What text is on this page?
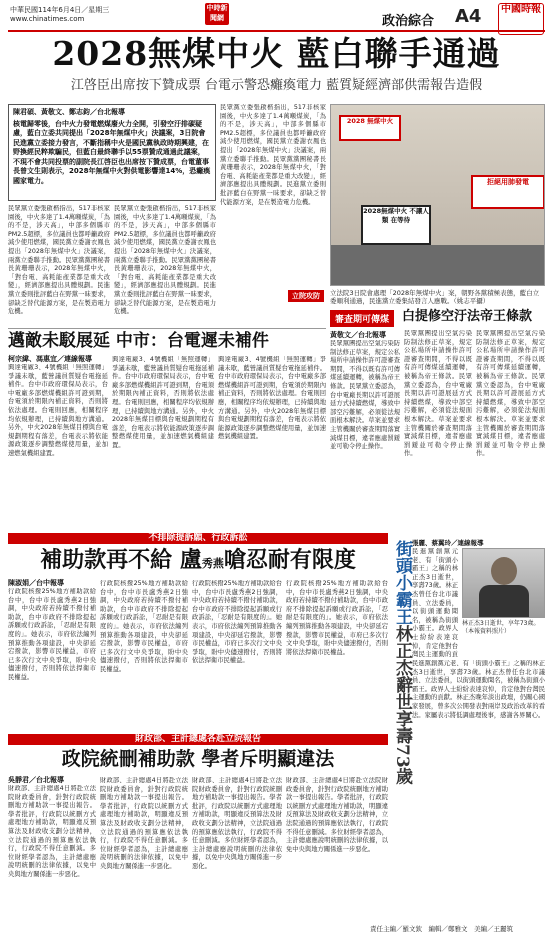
中華民國114年6月4日／星期三
www.chinatimes.com
中時新聞網	政治綜合 A4	中國時報
2028無煤中火 藍白聯手通過
江啓臣出席按下贊成票 台電示警恐癱瘓電力 藍質疑經濟部供需報告造假
陳君碩、黃敬文、鄭志鈞／台北報導
核電歸零後，台中火力發電燃煤廢火力全開，引發空汙排碳疑慮，藍白立委共同提出「2028年無煤中火」決議案，3日院會民進黨立委接力發言，不斷指稱中火是國民黨執政時期興建，在野換經民粹欺騙民，但藍白最終聯手以55票贊成通過此議案，不現不會共同投票的副院長江啓臣也出席按下贊成票，台電董事長曾文生則表示，2028年無煤中火對供電影響達14%，恐癱瘓國家電力。
民眾黨立委張啟楷指出，517非核家園後，中火多達了1.4萬噸煤炭，「為的不是，涉天高」，中部多個縣市PM2.5超標，多位議員也都呼籲政府減少使用燃煤，國民黨立委謝衣鳯也提出「2028年無煤中火」決議案，兩黨立委聯手推動。民眾黨黨團秘書長黃珊珊表示，2028年無煤中火，「對台電、高耗能產業都是重大改變」，經濟部應提出具體規劃。民進黨立委則批評藍白在野黨一昧要求，卻缺乏替代能源方案，是在製造電力危機。
民眾黨立委張啟楷指出，517非核家園後，中火多達了1.4萬噸煤炭，「為的不是，涉天高」，中部多個縣市PM2.5超標，多位議員也都呼籲政府減少使用燃煤，國民黨立委謝衣鳯也提出「2028年無煤中火」決議案，兩黨立委聯手推動。民眾黨黨團秘書長黃珊珊表示，2028年無煤中火，「對台電、高耗能產業都是重大改變」，經濟部應提出具體規劃。民進黨立委則批評藍白在野黨一昧要求，卻缺乏替代能源方案，是在製造電力危機。
民眾黨立委張啟楷指出，517非核家園後，中火多達了1.4萬噸煤炭，「為的不是，涉天高」，中部多個縣市PM2.5超標，多位議員也都呼籲政府減少使用燃煤，國民黨立委謝衣鳯也提出「2028年無煤中火」決議案，兩黨立委聯手推動。民眾黨黨團秘書長黃珊珊表示，2028年無煤中火，「對台電、高耗能產業都是重大改變」，經濟部應提出具體規劃。民進黨立委則批評藍白在野黨一昧要求，卻缺乏替代能源方案，是在製造電力危機。
2028 無煤中火
拒絕用肺發電
2028無煤中火 不讓人類 在等待
立院攻防	立法院3日院會處理「2028年無煤中火」案，朝野各黨積極表態，藍白立委順利通過，民進黨立委集結發言人應戰。（姚志平攝）
邁敵未駁展延 中市：台電遲未補件
柯宗緯、馮惠宜／連線報導
興達電廠3、4號機組「無照運轉」爭議未歇，藍營議員質疑台電拖延補件。台中市政府環保局表示，台中電廠多部燃煤機組許可證到期，台電須於期限內補正資料，否則將依法處理。台電則回應，相關程序均依規辦理，已持續與地方溝通。另外，中火2028年無煤目標與台電規劃期程有落差，台電表示將依能源政策逐步調整燃煤使用量，並加速燃氣機組建置。
興達電廠3、4號機組「無照運轉」爭議未歇，藍營議員質疑台電拖延補件。台中市政府環保局表示，台中電廠多部燃煤機組許可證到期，台電須於期限內補正資料，否則將依法處理。台電則回應，相關程序均依規辦理，已持續與地方溝通。另外，中火2028年無煤目標與台電規劃期程有落差，台電表示將依能源政策逐步調整燃煤使用量，並加速燃氣機組建置。
興達電廠3、4號機組「無照運轉」爭議未歇，藍營議員質疑台電拖延補件。台中市政府環保局表示，台中電廠多部燃煤機組許可證到期，台電須於期限內補正資料，否則將依法處理。台電則回應，相關程序均依規辦理，已持續與地方溝通。另外，中火2028年無煤目標與台電規劃期程有落差，台電表示將依能源政策逐步調整燃煤使用量，並加速燃氣機組建置。
審查期可傳煤 白提修空汙法帝王條款
黃敬文／台北報導
民眾黨團提出空氣污染防制法修正草案，規定公私場所申請操作許可證審查期間，不得以既有許可傳煤延續運轉，被稱為帝王條款。民眾黨立委認為，台中電廠長期以許可證展延方式持續燃煤，導致中部空污難解，必須從法規面根本解決。草案並要求主管機關於審查期間落實減煤目標，違者應處罰鍰並可勒令停止操作。
民眾黨團提出空氣污染防制法修正草案，規定公私場所申請操作許可證審查期間，不得以既有許可傳煤延續運轉，被稱為帝王條款。民眾黨立委認為，台中電廠長期以許可證展延方式持續燃煤，導致中部空污難解，必須從法規面根本解決。草案並要求主管機關於審查期間落實減煤目標，違者應處罰鍰並可勒令停止操作。
民眾黨團提出空氣污染防制法修正草案，規定公私場所申請操作許可證審查期間，不得以既有許可傳煤延續運轉，被稱為帝王條款。民眾黨立委認為，台中電廠長期以許可證展延方式持續燃煤，導致中部空污難解，必須從法規面根本解決。草案並要求主管機關於審查期間落實減煤目標，違者應處罰鍰並可勒令停止操作。
不排除提訴願、行政訴訟
補助款再不給 盧秀燕嗆忍耐有限度
陳淑娟／台中報導
行政院核撥25%地方補助款給台中，台中市長盧秀燕2日強調，中央政府若持續不撥付補助款，台中市政府不排除提起訴願或行政訴訟，「忍耐是有限度的」。她表示，市府依法編列預算推動各項建設，中央卻延宕撥款，影響市民權益，市府已多次行文中央爭取，盼中央儘速撥付，否則將依法捍衛市民權益。
行政院核撥25%地方補助款給台中，台中市長盧秀燕2日強調，中央政府若持續不撥付補助款，台中市政府不排除提起訴願或行政訴訟，「忍耐是有限度的」。她表示，市府依法編列預算推動各項建設，中央卻延宕撥款，影響市民權益，市府已多次行文中央爭取，盼中央儘速撥付，否則將依法捍衛市民權益。
行政院核撥25%地方補助款給台中，台中市長盧秀燕2日強調，中央政府若持續不撥付補助款，台中市政府不排除提起訴願或行政訴訟，「忍耐是有限度的」。她表示，市府依法編列預算推動各項建設，中央卻延宕撥款，影響市民權益，市府已多次行文中央爭取，盼中央儘速撥付，否則將依法捍衛市民權益。
行政院核撥25%地方補助款給台中，台中市長盧秀燕2日強調，中央政府若持續不撥付補助款，台中市政府不排除提起訴願或行政訴訟，「忍耐是有限度的」。她表示，市府依法編列預算推動各項建設，中央卻延宕撥款，影響市民權益，市府已多次行文中央爭取，盼中央儘速撥付，否則將依法捍衛市民權益。
財政部、主計總處各赴立院報告
政院統刪補助款 學者斥明顯違法
吳靜君／台北報導
財政部、主計總處4日將赴立法院財政委員會，針對行政院統刪地方補助款一事提出報告。學者批評，行政院以統刪方式處理地方補助款，明顯違反預算法及財政收支劃分法精神，立法院通過的預算應依法執行，行政院不得任意刪減。多位財經學者認為，主計總處應說明統刪的法律依據，以免中央與地方關係進一步惡化。
財政部、主計總處4日將赴立法院財政委員會，針對行政院統刪地方補助款一事提出報告。學者批評，行政院以統刪方式處理地方補助款，明顯違反預算法及財政收支劃分法精神，立法院通過的預算應依法執行，行政院不得任意刪減。多位財經學者認為，主計總處應說明統刪的法律依據，以免中央與地方關係進一步惡化。
財政部、主計總處4日將赴立法院財政委員會，針對行政院統刪地方補助款一事提出報告。學者批評，行政院以統刪方式處理地方補助款，明顯違反預算法及財政收支劃分法精神，立法院通過的預算應依法執行，行政院不得任意刪減。多位財經學者認為，主計總處應說明統刪的法律依據，以免中央與地方關係進一步惡化。
財政部、主計總處4日將赴立法院財政委員會，針對行政院統刪地方補助款一事提出報告。學者批評，行政院以統刪方式處理地方補助款，明顯違反預算法及財政收支劃分法精神，立法院通過的預算應依法執行，行政院不得任意刪減。多位財經學者認為，主計總處應說明統刪的法律依據，以免中央與地方關係進一步惡化。
街頭小霸王林正杰辭世享壽73歲
張麗、蔡翼玲／連線報導
民進黨創黨元老、有「街頭小霸王」之稱的林正杰3日逝世，享壽73歲。林正杰曾任台北市議員、立法委員，以街頭運動聞名，被稱為街頭小霸王。政界人士紛紛表達哀悼，肯定他對台灣民主運動的貢
林正杰3日逝世，享年73歲。（本報資料照片）
民進黨創黨元老、有「街頭小霸王」之稱的林正杰3日逝世，享壽73歲。林正杰曾任台北市議員、立法委員，以街頭運動聞名，被稱為街頭小霸王。政界人士紛紛表達哀悼，肯定他對台灣民主運動的貢獻。林正杰晚年淡出政壇，仍關心國家發展，曾多次公開發表對兩岸及政治改革的看法。家屬表示將低調處理後事，感謝各界關心。
責任主編／羅文欽　編輯／鄭雅文　美編／王麗筑
